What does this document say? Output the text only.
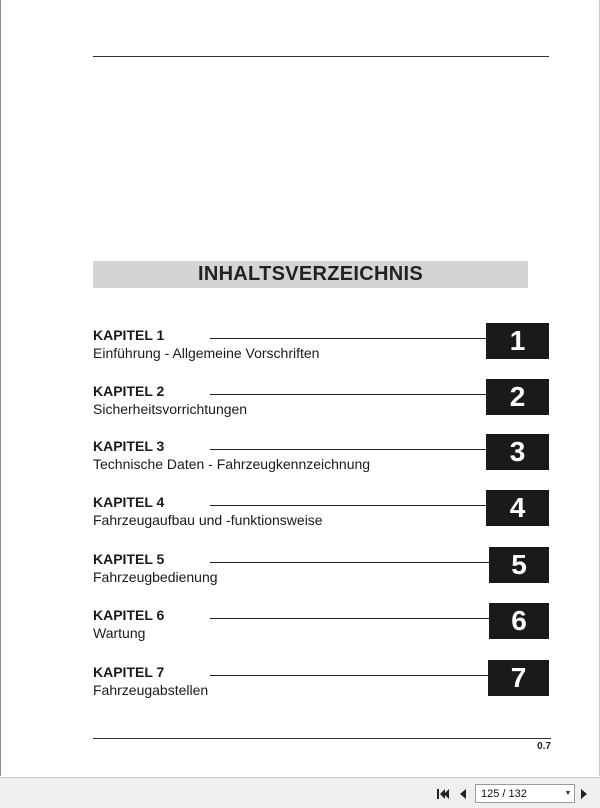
INHALTSVERZEICHNIS
KAPITEL 1
Einführung - Allgemeine Vorschriften	1
KAPITEL 2
Sicherheitsvorrichtungen	2
KAPITEL 3
Technische Daten - Fahrzeugkennzeichnung	3
KAPITEL 4
Fahrzeugaufbau und -funktionsweise	4
KAPITEL 5
Fahrzeugbedienung	5
KAPITEL 6
Wartung	6
KAPITEL 7
Fahrzeugabstellen	7
0.7
125 / 132	▼
